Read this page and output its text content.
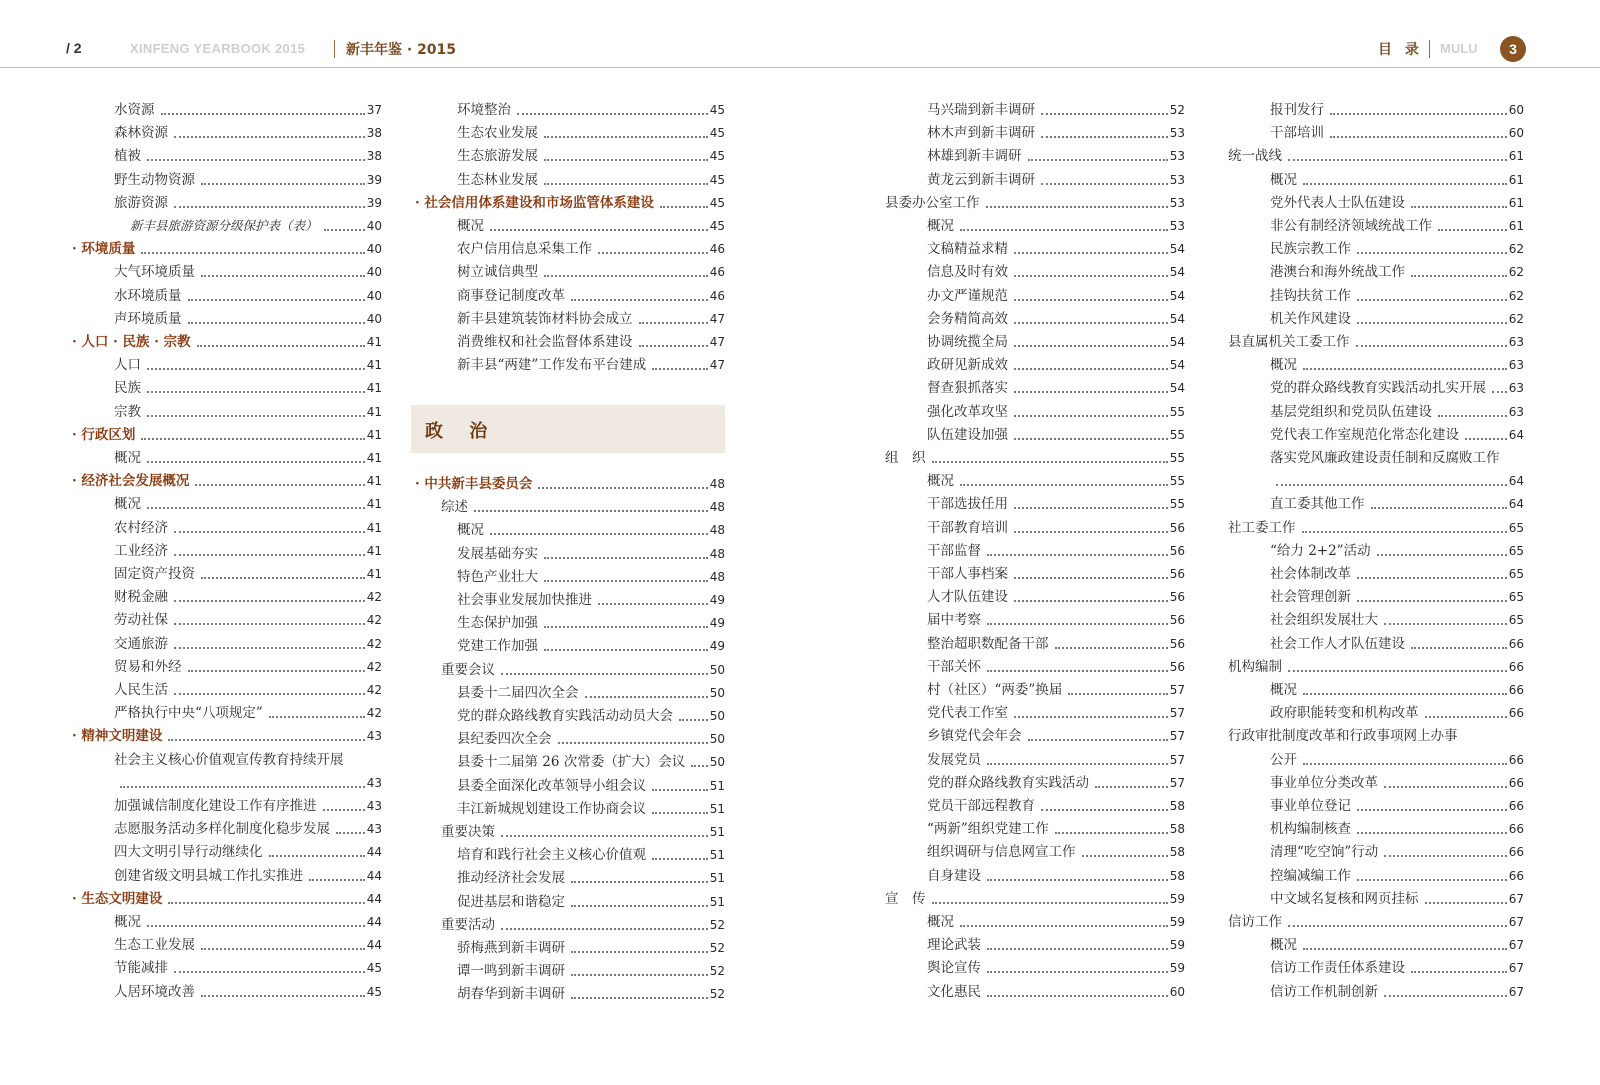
/ 2	XINFENG YEARBOOK 2015	新丰年鉴 · 2015	目 录 MULU	3
水资源	37
森林资源	38
植被	38
野生动物资源	39
旅游资源	39
新丰县旅游资源分级保护表（表）	40
· 环境质量	40
大气环境质量	40
水环境质量	40
声环境质量	40
· 人口 · 民族 · 宗教	41
人口	41
民族	41
宗教	41
· 行政区划	41
概况	41
· 经济社会发展概况	41
概况	41
农村经济	41
工业经济	41
固定资产投资	41
财税金融	42
劳动社保	42
交通旅游	42
贸易和外经	42
人民生活	42
严格执行中央“八项规定”	42
· 精神文明建设	43
社会主义核心价值观宣传教育持续开展
43
加强诚信制度化建设工作有序推进	43
志愿服务活动多样化制度化稳步发展	43
四大文明引导行动继续化	44
创建省级文明县城工作扎实推进	44
· 生态文明建设	44
概况	44
生态工业发展	44
节能减排	45
人居环境改善	45
环境整治	45
生态农业发展	45
生态旅游发展	45
生态林业发展	45
· 社会信用体系建设和市场监管体系建设	45
概况	45
农户信用信息采集工作	46
树立诚信典型	46
商事登记制度改革	46
新丰县建筑装饰材料协会成立	47
消费维权和社会监督体系建设	47
新丰县“两建”工作发布平台建成	47
政 治
· 中共新丰县委员会	48
综述	48
概况	48
发展基础夯实	48
特色产业壮大	48
社会事业发展加快推进	49
生态保护加强	49
党建工作加强	49
重要会议	50
县委十二届四次全会	50
党的群众路线教育实践活动动员大会	50
县纪委四次全会	50
县委十二届第 26 次常委（扩大）会议 50
县委全面深化改革领导小组会议	51
丰江新城规划建设工作协商会议	51
重要决策	51
培育和践行社会主义核心价值观	51
推动经济社会发展	51
促进基层和谐稳定	51
重要活动	52
骄梅燕到新丰调研	52
谭一鸣到新丰调研	52
胡春华到新丰调研	52
马兴瑞到新丰调研	52
林木声到新丰调研	53
林雄到新丰调研	53
黄龙云到新丰调研	53
县委办公室工作	53
概况	53
文稿精益求精	54
信息及时有效	54
办文严谨规范	54
会务精简高效	54
协调统揽全局	54
政研见新成效	54
督查狠抓落实	54
强化改革攻坚	55
队伍建设加强	55
组　织	55
概况	55
干部选拔任用	55
干部教育培训	56
干部监督	56
干部人事档案	56
人才队伍建设	56
届中考察	56
整治超职数配备干部	56
干部关怀	56
村（社区）“两委”换届	57
党代表工作室	57
乡镇党代会年会	57
发展党员	57
党的群众路线教育实践活动	57
党员干部远程教育	58
“两新”组织党建工作	58
组织调研与信息网宣工作	58
自身建设	58
宣　传	59
概况	59
理论武装	59
舆论宣传	59
文化惠民	60
报刊发行	60
干部培训	60
统一战线	61
概况	61
党外代表人士队伍建设	61
非公有制经济领域统战工作	61
民族宗教工作	62
港澳台和海外统战工作	62
挂钩扶贫工作	62
机关作风建设	62
县直属机关工委工作	63
概况	63
党的群众路线教育实践活动扎实开展 63
基层党组织和党员队伍建设	63
党代表工作室规范化常态化建设	64
落实党风廉政建设责任制和反腐败工作
64
直工委其他工作	64
社工委工作	65
“给力 2+2”活动	65
社会体制改革	65
社会管理创新	65
社会组织发展壮大	65
社会工作人才队伍建设	66
机构编制	66
概况	66
政府职能转变和机构改革	66
行政审批制度改革和行政事项网上办事
公开	66
事业单位分类改革	66
事业单位登记	66
机构编制核查	66
清理“吃空饷”行动	66
控编减编工作	66
中文域名复核和网页挂标	67
信访工作	67
概况	67
信访工作责任体系建设	67
信访工作机制创新	67
